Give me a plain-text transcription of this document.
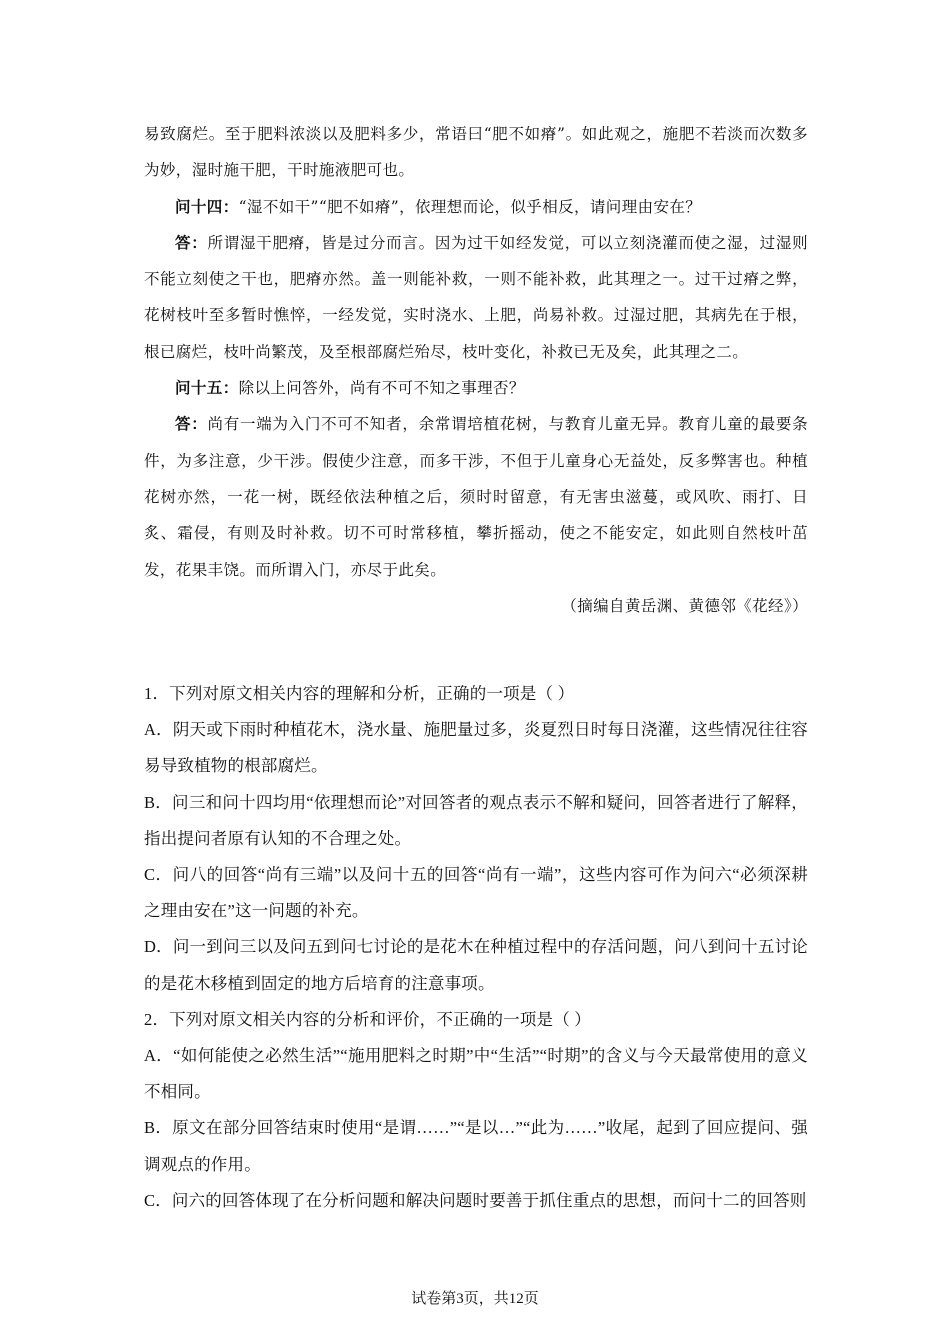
易致腐烂。至于肥料浓淡以及肥料多少，常语曰“肥不如瘠”。如此观之，施肥不若淡而次数多为妙，湿时施干肥，干时施液肥可也。

问十四：“湿不如干”“肥不如瘠”，依理想而论，似乎相反，请问理由安在？

答：所谓湿干肥瘠，皆是过分而言。因为过干如经发觉，可以立刻浇灌而使之湿，过湿则不能立刻使之干也，肥瘠亦然。盖一则能补救，一则不能补救，此其理之一。过干过瘠之弊，花树枝叶至多暂时憔悴，一经发觉，实时浇水、上肥，尚易补救。过湿过肥，其病先在于根，根已腐烂，枝叶尚繁茂，及至根部腐烂殆尽，枝叶变化，补救已无及矣，此其理之二。

问十五：除以上问答外，尚有不可不知之事理否？

答：尚有一端为入门不可不知者，余常谓培植花树，与教育儿童无异。教育儿童的最要条件，为多注意，少干涉。假使少注意，而多干涉，不但于儿童身心无益处，反多弊害也。种植花树亦然，一花一树，既经依法种植之后，须时时留意，有无害虫滋蔓，或风吹、雨打、日炙、霜侵，有则及时补救。切不可时常移植，攀折摇动，使之不能安定，如此则自然枝叶茁发，花果丰饶。而所谓入门，亦尽于此矣。

（摘编自黄岳渊、黄德邻《花经》）

1．下列对原文相关内容的理解和分析，正确的一项是（ ）

A．阴天或下雨时种植花木，浇水量、施肥量过多，炎夏烈日时每日浇灌，这些情况往往容易导致植物的根部腐烂。

B．问三和问十四均用“依理想而论”对回答者的观点表示不解和疑问，回答者进行了解释，指出提问者原有认知的不合理之处。

C．问八的回答“尚有三端”以及问十五的回答“尚有一端”，这些内容可作为问六“必须深耕之理由安在”这一问题的补充。

D．问一到问三以及问五到问七讨论的是花木在种植过程中的存活问题，问八到问十五讨论的是花木移植到固定的地方后培育的注意事项。

2．下列对原文相关内容的分析和评价，不正确的一项是（ ）

A．“如何能使之必然生活”“施用肥料之时期”中“生活”“时期”的含义与今天最常使用的意义不相同。

B．原文在部分回答结束时使用“是谓……”“是以…”“此为……”收尾，起到了回应提问、强调观点的作用。

C．问六的回答体现了在分析问题和解决问题时要善于抓住重点的思想，而问十二的回答则

试卷第3页，共12页
